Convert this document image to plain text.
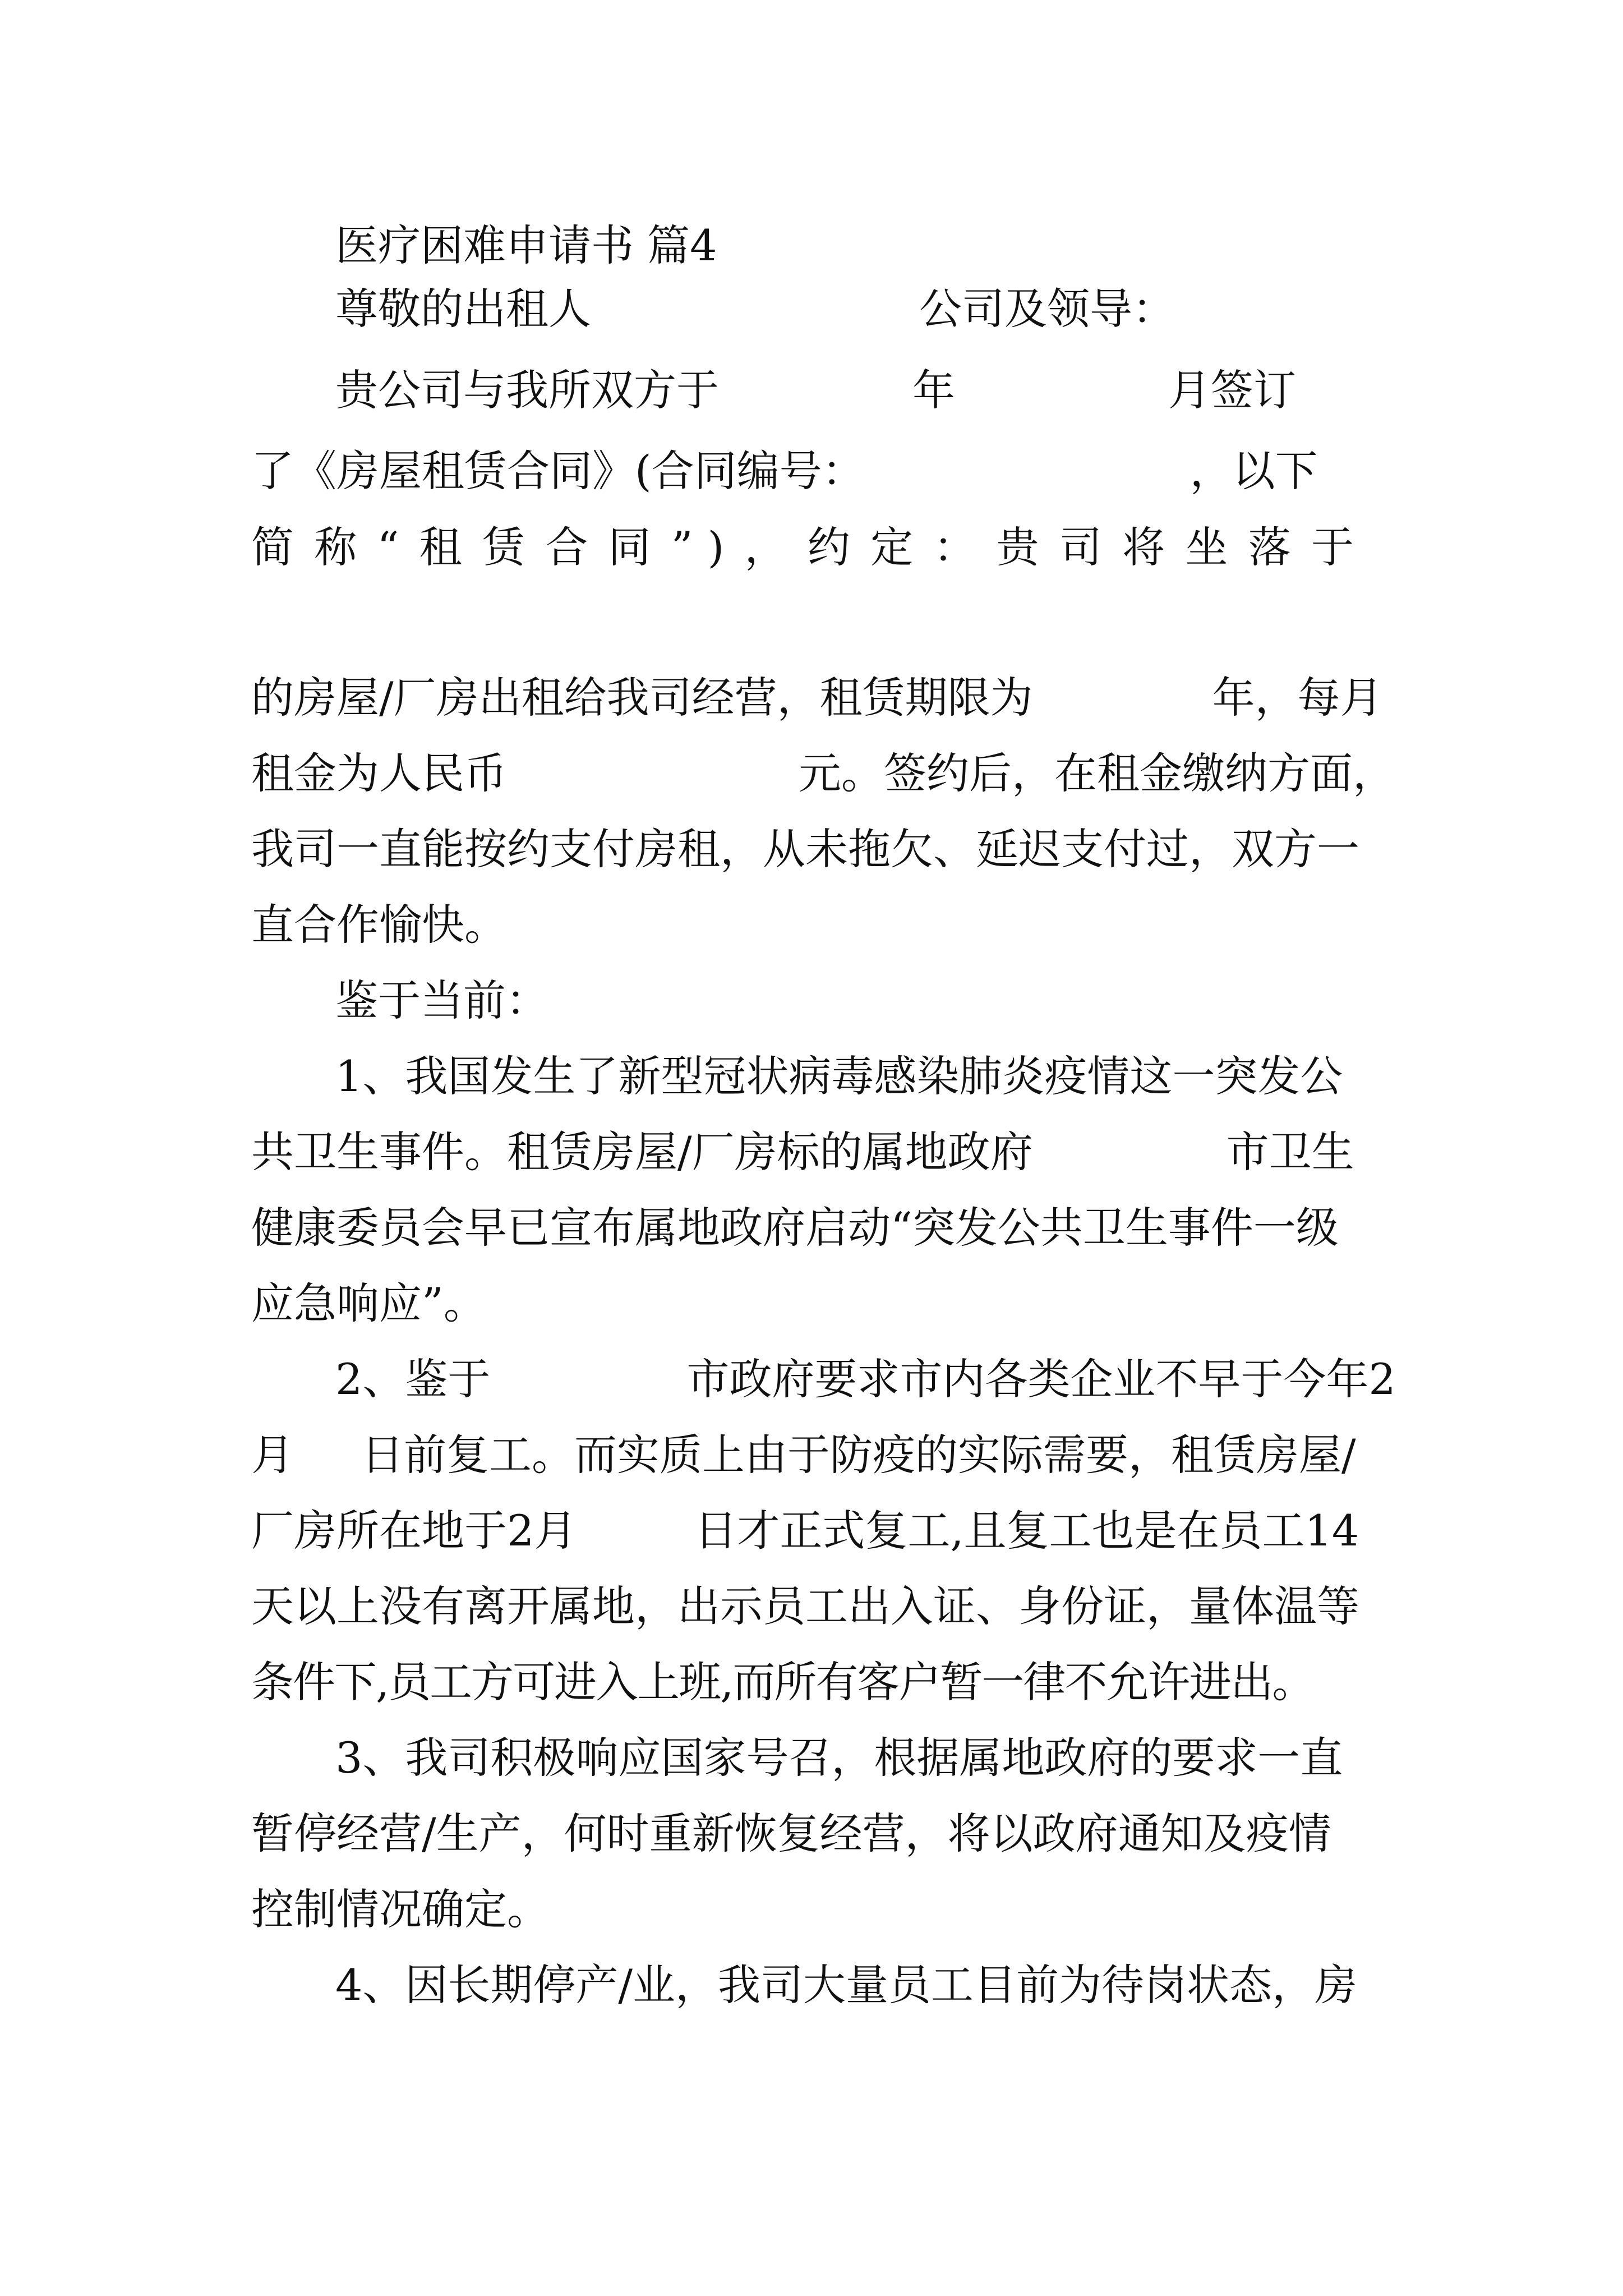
医疗困难申请书 篇4
尊敬的出租人	公司及领导：
贵公司与我所双方于	年	月签订
了《房屋租赁合同》(合同编号：	，以下
简称“租赁合同”)，约定：贵司将坐落于
的房屋/厂房出租给我司经营，租赁期限为	年，每月
租金为人民币	元。签约后，在租金缴纳方面，
我司一直能按约支付房租，从未拖欠、延迟支付过，双方一
直合作愉快。
鉴于当前：
1、我国发生了新型冠状病毒感染肺炎疫情这一突发公
共卫生事件。租赁房屋/厂房标的属地政府	市卫生
健康委员会早已宣布属地政府启动“突发公共卫生事件一级
应急响应”。
2、鉴于	市政府要求市内各类企业不早于今年2
月 日前复工。而实质上由于防疫的实际需要，租赁房屋/
厂房所在地于2月	日才正式复工,且复工也是在员工14
天以上没有离开属地，出示员工出入证、身份证，量体温等
条件下,员工方可进入上班,而所有客户暂一律不允许进出。
3、我司积极响应国家号召，根据属地政府的要求一直
暂停经营/生产，何时重新恢复经营，将以政府通知及疫情
控制情况确定。
4、因长期停产/业，我司大量员工目前为待岗状态，房
